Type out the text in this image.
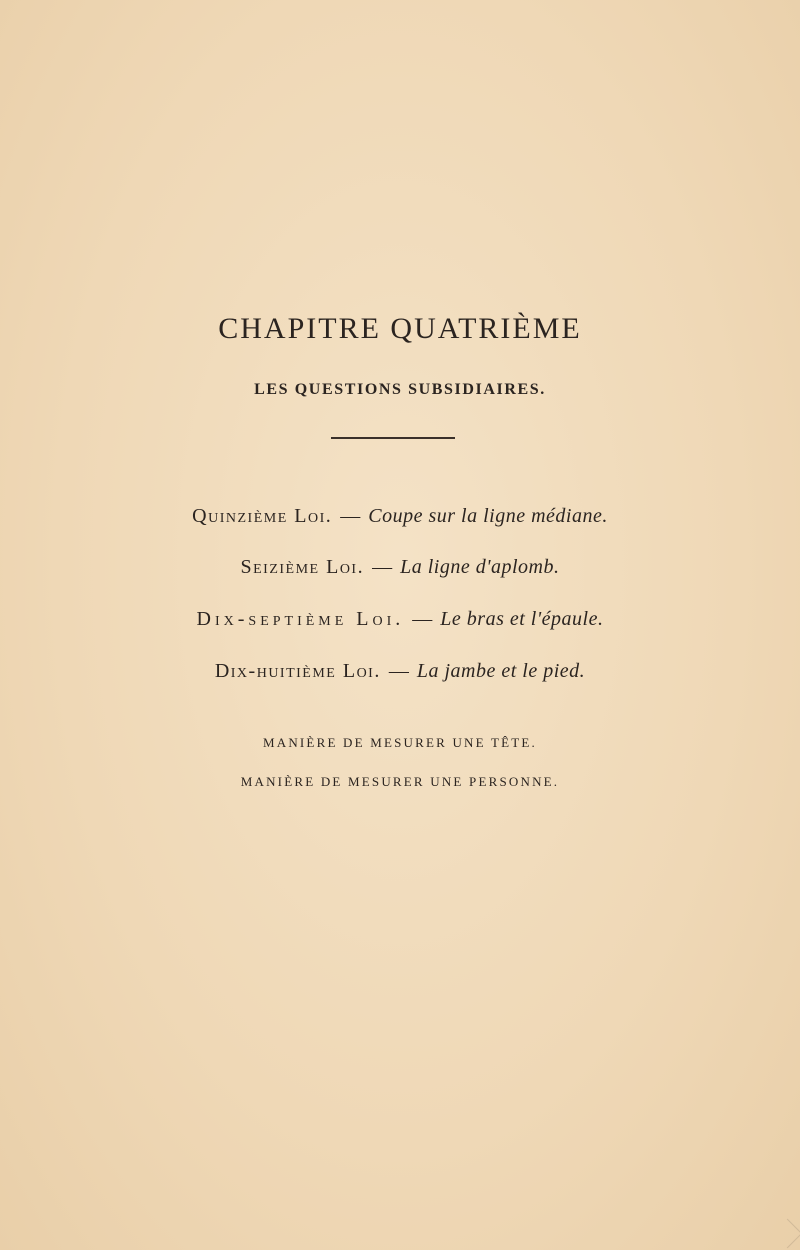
CHAPITRE QUATRIÈME
LES QUESTIONS SUBSIDIAIRES.
Quinzième Loi. — Coupe sur la ligne médiane.
Seizième Loi. — La ligne d'aplomb.
Dix-septième Loi. — Le bras et l'épaule.
Dix-huitième Loi. — La jambe et le pied.
MANIÈRE DE MESURER UNE TÊTE.
MANIÈRE DE MESURER UNE PERSONNE.
